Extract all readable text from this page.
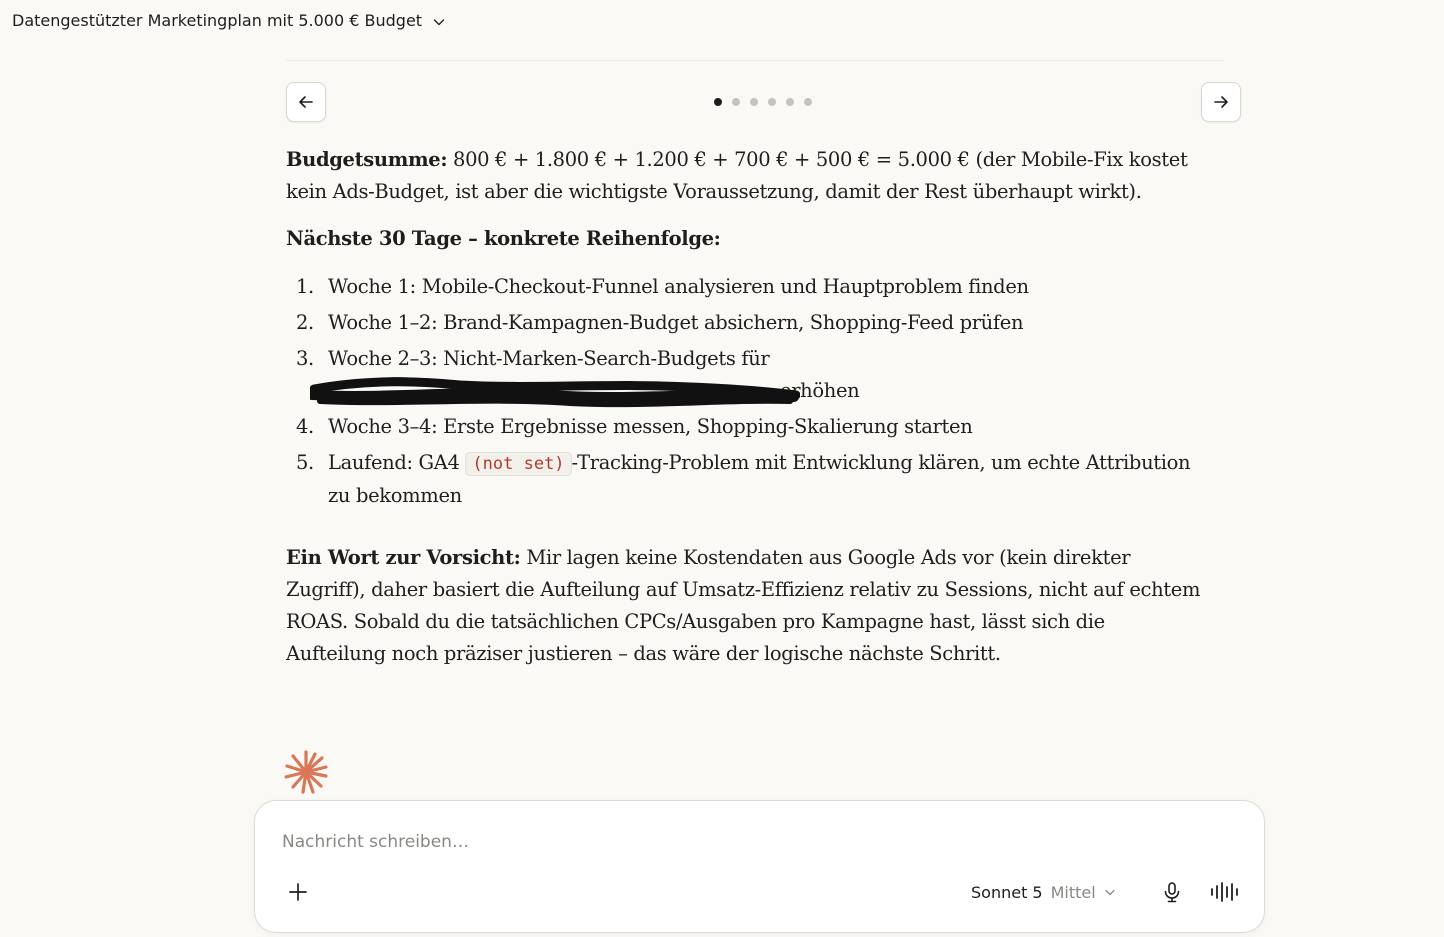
Datengestützter Marketingplan mit 5.000 € Budget

Budgetsumme: 800 € + 1.800 € + 1.200 € + 700 € + 500 € = 5.000 € (der Mobile-Fix kostet kein Ads-Budget, ist aber die wichtigste Voraussetzung, damit der Rest überhaupt wirkt).

Nächste 30 Tage – konkrete Reihenfolge:

1. Woche 1: Mobile-Checkout-Funnel analysieren und Hauptproblem finden
2. Woche 1–2: Brand-Kampagnen-Budget absichern, Shopping-Feed prüfen
3. Woche 2–3: Nicht-Marken-Search-Budgets für

erhöhen
4. Woche 3–4: Erste Ergebnisse messen, Shopping-Skalierung starten
5. Laufend: GA4 (not set) -Tracking-Problem mit Entwicklung klären, um echte Attribution zu bekommen

Ein Wort zur Vorsicht: Mir lagen keine Kostendaten aus Google Ads vor (kein direkter Zugriff), daher basiert die Aufteilung auf Umsatz-Effizienz relativ zu Sessions, nicht auf echtem ROAS. Sobald du die tatsächlichen CPCs/Ausgaben pro Kampagne hast, lässt sich die Aufteilung noch präziser justieren – das wäre der logische nächste Schritt.

Nachricht schreiben…
Sonnet 5 Mittel
